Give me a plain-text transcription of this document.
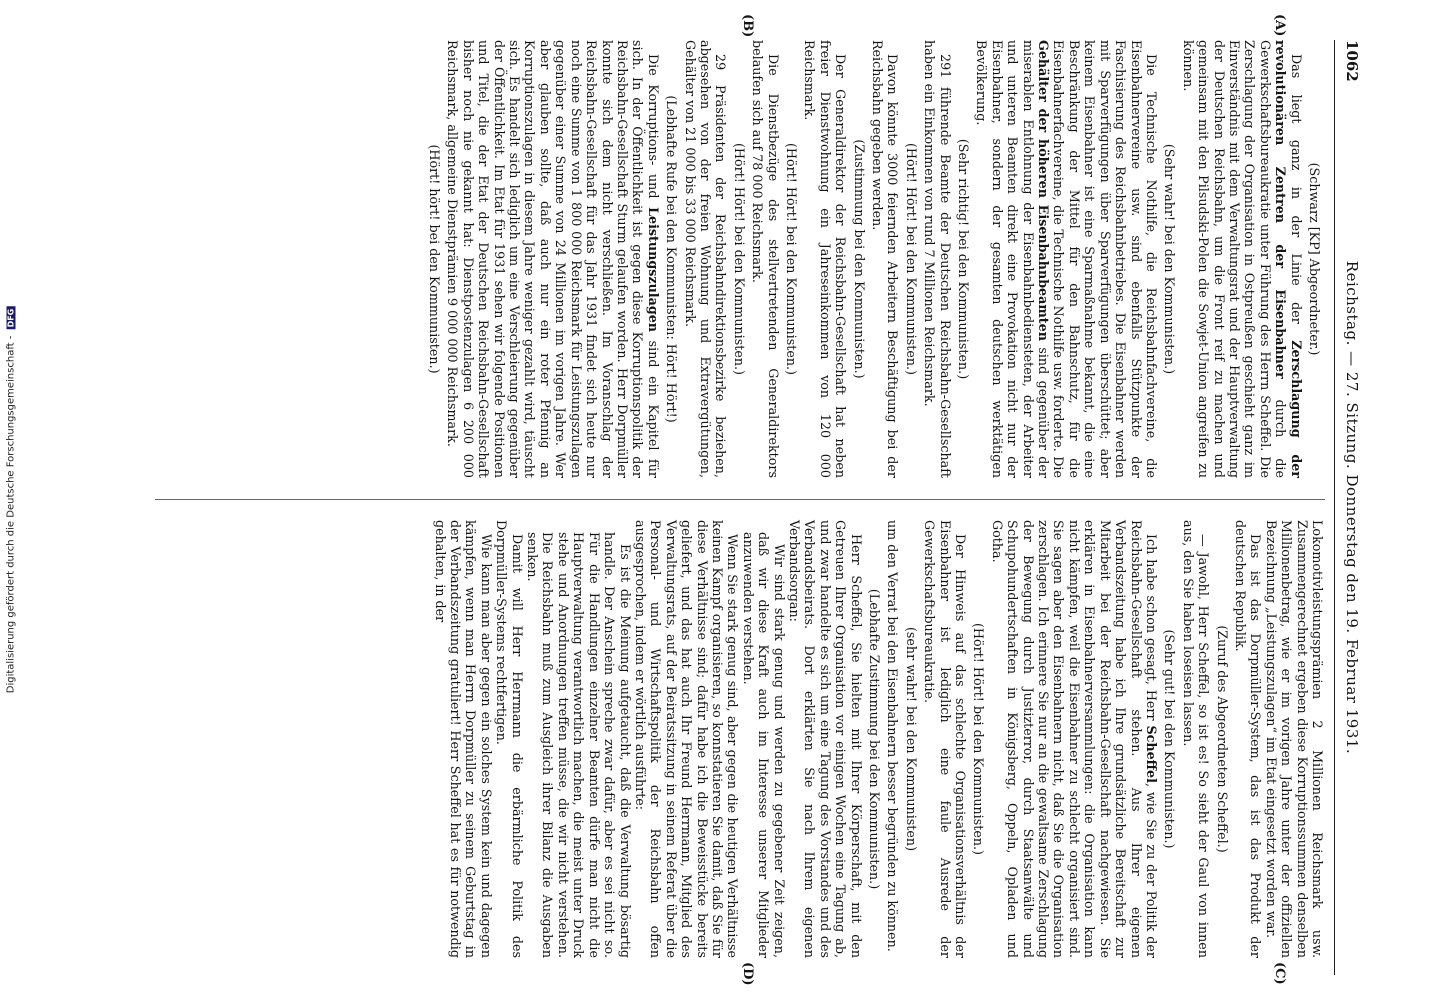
Digitalisierung gefördert durch die Deutsche Forschungsgemeinschaft - DFG
1062
Reichstag. — 27. Sitzung. Donnerstag den 19. Februar 1931.
(A)
(B)
(C)
(D)

(Schwarz [KP] Abgeordneter.)

Das liegt ganz in der Linie der Zerschlagung der revolutionären Zentren der Eisenbahner durch die Gewerkschaftsbureaukratie unter Führung des Herrn Scheffel. Die Zerschlagung der Organisation in Ostpreußen geschieht ganz im Einverständnis mit dem Verwaltungsrat und der Hauptverwaltung der Deutschen Reichsbahn, um die Front reif zu machen und gemeinsam mit den Pilsudski-Polen die Sowjet-Union angreifen zu können.

(Sehr wahr! bei den Kommunisten.)

Die Technische Nothilfe, die Reichsbahnfachvereine, die Eisenbahnervereine usw. sind ebenfalls Stützpunkte der Faschisierung des Reichsbahnbetriebes. Die Eisenbahner werden mit Sparverfügungen über Sparverfügungen überschüttet; aber keinem Eisenbahner ist eine Sparmaßnahme bekannt, die eine Beschränkung der Mittel für den Bahnschutz, für die Eisenbahnerfachvereine, die Technische Nothilfe usw. forderte. Die Gehälter der höheren Eisenbahnbeamten sind gegenüber der miserablen Entlohnung der Eisenbahnbediensteten, der Arbeiter und unteren Beamten direkt eine Provokation nicht nur der Eisenbahner, sondern der gesamten deutschen werktätigen Bevölkerung.

(Sehr richtig! bei den Kommunisten.)

291 führende Beamte der Deutschen Reichsbahn-Gesellschaft haben ein Einkommen von rund 7 Millionen Reichsmark.

(Hört! Hört! bei den Kommunisten.)

Davon könnte 3000 feiernden Arbeitern Beschäftigung bei der Reichsbahn gegeben werden.

(Zustimmung bei den Kommunisten.)

Der Generaldirektor der Reichsbahn-Gesellschaft hat neben freier Dienstwohnung ein Jahreseinkommen von 120 000 Reichsmark.

(Hört! Hört! bei den Kommunisten.)

Die Dienstbezüge des stellvertretenden Generaldirektors belaufen sich auf 78 000 Reichsmark.

(Hört! Hört! bei den Kommunisten.)

29 Präsidenten der Reichsbahndirektionsbezirke beziehen, abgesehen von der freien Wohnung und Extravergütungen, Gehälter von 21 000 bis 33 000 Reichsmark.

(Lebhafte Rufe bei den Kommunisten: Hört! Hört!)

Die Korruptions- und Leistungszulagen sind ein Kapitel für sich. In der Öffentlichkeit ist gegen diese Korruptionspolitik der Reichsbahn-Gesellschaft Sturm gelaufen worden. Herr Dorpmüller konnte sich dem nicht verschließen. Im Voranschlag der Reichsbahn-Gesellschaft für das Jahr 1931 findet sich heute nur noch eine Summe von 1 800 000 Reichsmark für Leistungszulagen gegenüber einer Summe von 24 Millionen im vorigen Jahre. Wer aber glauben sollte, daß auch nur ein roter Pfennig an Korruptionszulagen in diesem Jahre weniger gezahlt wird, täuscht sich. Es handelt sich lediglich um eine Verschleierung gegenüber der Öffentlichkeit. Im Etat für 1931 sehen wir folgende Positionen und Titel, die der Etat der Deutschen Reichsbahn-Gesellschaft bisher noch nie gekannt hat: Dienstpostenzulagen 6 200 000 Reichsmark, allgemeine Dienstprämien 9 000 000 Reichsmark.

(Hört! hört! bei den Kommunisten.)

Lokomotivleistungsprämien 2 Millionen Reichsmark usw. Zusammengerechnet ergeben diese Korruptionssummen denselben Millionenbetrag, wie er im vorigen Jahre unter der offiziellen Bezeichnung „Leistungszulagen“ im Etat eingesetzt worden war.

Das ist das Dorpmüller-System, das ist das Produkt der deutschen Republik.

(Zuruf des Abgeordneten Scheffel.)

— Jawohl, Herr Scheffel, so ist es! So sieht der Gaul von innen aus, den Sie haben loseisen lassen.

(Sehr gut! bei den Kommunisten.)

Ich habe schon gesagt, Herr Scheffel, wie Sie zu der Politik der Reichsbahn-Gesellschaft stehen. Aus Ihrer eigenen Verbandszeitung habe ich Ihre grundsätzliche Bereitschaft zur Mitarbeit bei der Reichsbahn-Gesellschaft nachgewiesen. Sie erklären in Eisenbahnerversammlungen: die Organisation kann nicht kämpfen, weil die Eisenbahner zu schlecht organisiert sind. Sie sagen aber den Eisenbahnern nicht, daß Sie die Organisation zerschlagen. Ich erinnere Sie nur an die gewaltsame Zerschlagung der Bewegung durch Justizterror, durch Staatsanwälte und Schupohundertschaften in Königsberg, Oppeln, Opladen und Gotha.

(Hört! Hört! bei den Kommunisten.)

Der Hinweis auf das schlechte Organisationsverhältnis der Eisenbahner ist lediglich eine faule Ausrede der Gewerkschaftsbureaukratie.

(sehr wahr! bei den Kommunisten)

um den Verrat bei den Eisenbahnern besser begründen zu können.

(Lebhafte Zustimmung bei den Kommunisten.)

Herr Scheffel, Sie hielten mit Ihrer Körperschaft, mit den Getreuen Ihrer Organisation vor einigen Wochen eine Tagung ab, und zwar handelte es sich um eine Tagung des Vorstandes und des Verbandsbeirats. Dort erklärten Sie nach Ihrem eigenen Verbandsorgan:

Wir sind stark genug und werden zu gegebener Zeit zeigen, daß wir diese Kraft auch im Interesse unserer Mitglieder anzuwenden verstehen.

Wenn Sie stark genug sind, aber gegen die heutigen Verhältnisse keinen Kampf organisieren, so konnstatieren Sie damit, daß Sie für diese Verhältnisse sind; dafür habe ich die Beweisstücke bereits geliefert, und das hat auch Ihr Freund Herrmann, Mitglied des Verwaltungsrats, auf der Beiratssitzung in seinem Referat über die Personal- und Wirtschaftspolitik der Reichsbahn offen ausgesprochen, indem er wörtlich ausführte:

Es ist die Meinung aufgetaucht, daß die Verwaltung bösartig handle. Der Anschein spreche zwar dafür, aber es sei nicht so. Für die Handlungen einzelner Beamten dürfe man nicht die Hauptverwaltung verantwortlich machen, die meist unter Druck stehe und Anordnungen treffen müsse, die wir nicht verstehen. Die Reichsbahn muß zum Ausgleich ihrer Bilanz die Ausgaben senken.

Damit will Herr Herrmann die erbärmliche Politik des Dorpmüller-Systems rechtfertigen.

Wie kann man aber gegen ein solches System kein und dagegen kämpfen, wenn man Herrn Dorpmüller zu seinem Geburtstag in der Verbandszeitung gratuliert! Herr Scheffel hat es für notwendig gehalten, in der
